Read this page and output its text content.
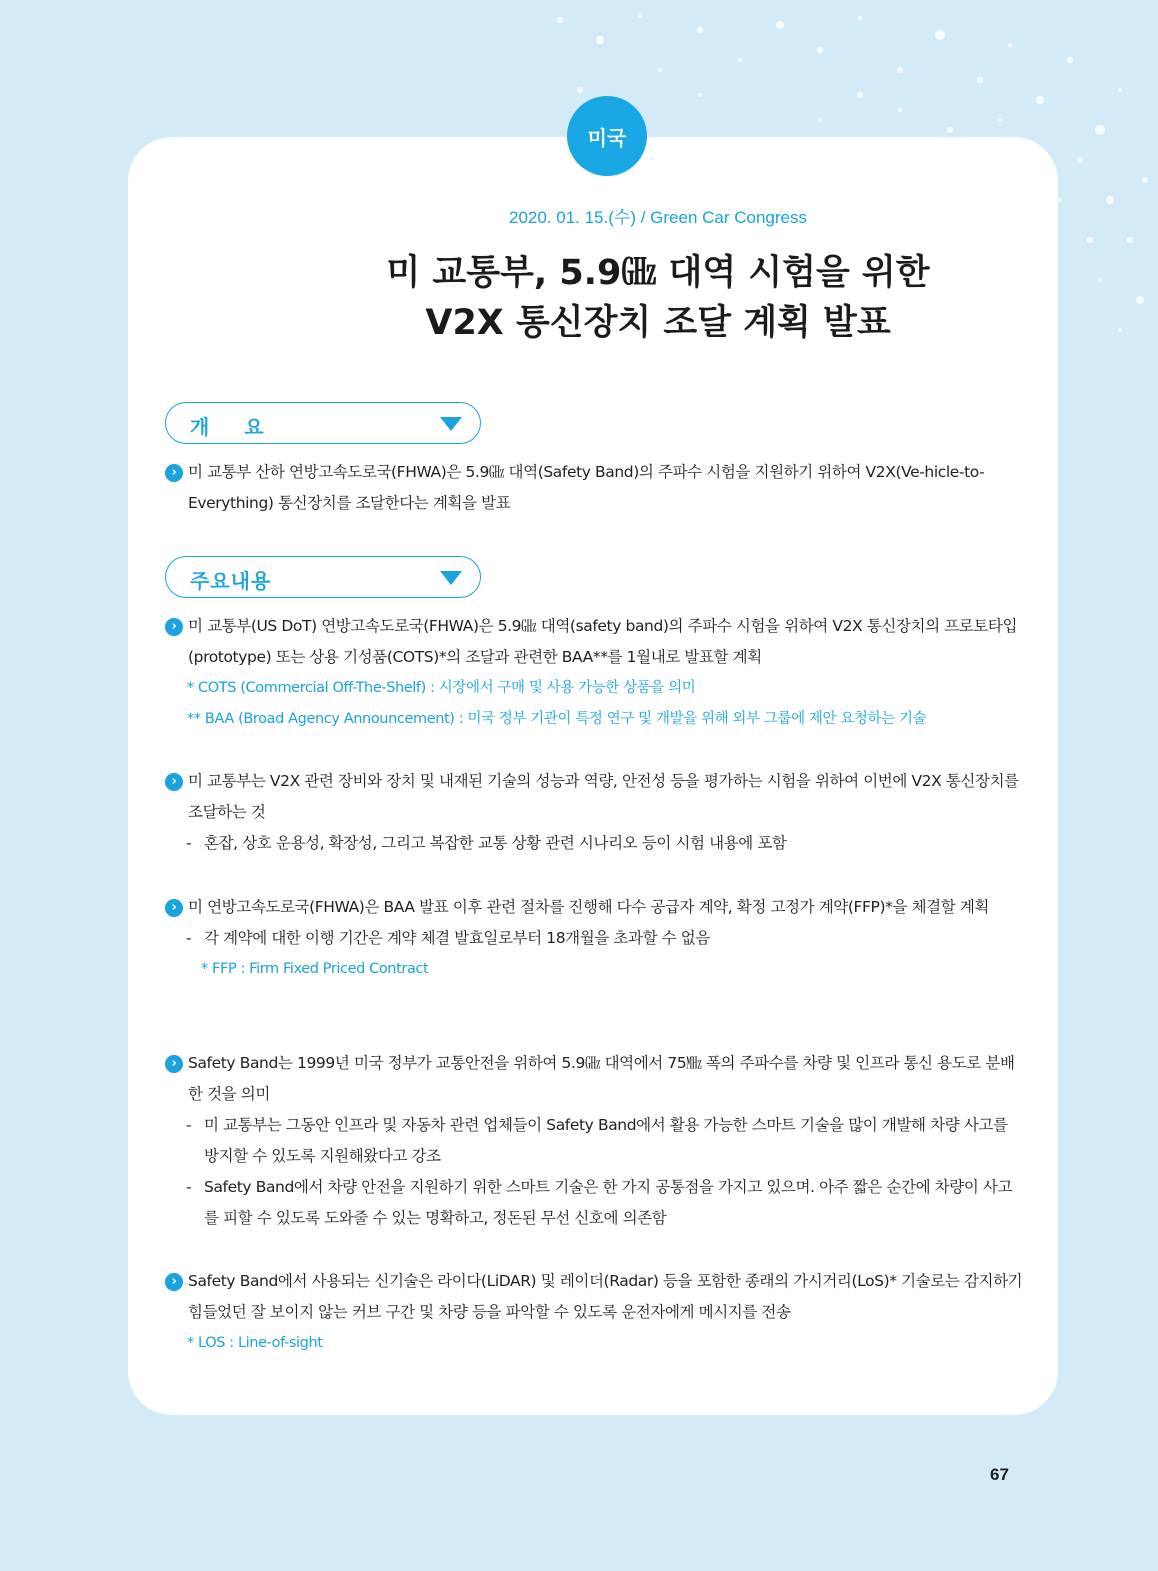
미국
2020. 01. 15.(수) / Green Car Congress
미 교통부, 5.9㎓ 대역 시험을 위한
V2X 통신장치 조달 계획 발표
개 요

› 미 교통부 산하 연방고속도로국(FHWA)은 5.9㎓ 대역(Safety Band)의 주파수 시험을 지원하기 위하여 V2X(Ve-hicle-to-Everything) 통신장치를 조달한다는 계획을 발표

주요내용

› 미 교통부(US DoT) 연방고속도로국(FHWA)은 5.9㎓ 대역(safety band)의 주파수 시험을 위하여 V2X 통신장치의 프로토타입(prototype) 또는 상용 기성품(COTS)*의 조달과 관련한 BAA**를 1월내로 발표할 계획

* COTS (Commercial Off-The-Shelf) : 시장에서 구매 및 사용 가능한 상품을 의미

** BAA (Broad Agency Announcement) : 미국 정부 기관이 특정 연구 및 개발을 위해 외부 그룹에 제안 요청하는 기술

› 미 교통부는 V2X 관련 장비와 장치 및 내재된 기술의 성능과 역량, 안전성 등을 평가하는 시험을 위하여 이번에 V2X 통신장치를 조달하는 것

- 혼잡, 상호 운용성, 확장성, 그리고 복잡한 교통 상황 관련 시나리오 등이 시험 내용에 포함

› 미 연방고속도로국(FHWA)은 BAA 발표 이후 관련 절차를 진행해 다수 공급자 계약, 확정 고정가 계약(FFP)*을 체결할 계획

- 각 계약에 대한 이행 기간은 계약 체결 발효일로부터 18개월을 초과할 수 없음

* FFP : Firm Fixed Priced Contract

› Safety Band는 1999년 미국 정부가 교통안전을 위하여 5.9㎓ 대역에서 75㎒ 폭의 주파수를 차량 및 인프라 통신 용도로 분배한 것을 의미

- 미 교통부는 그동안 인프라 및 자동차 관련 업체들이 Safety Band에서 활용 가능한 스마트 기술을 많이 개발해 차량 사고를 방지할 수 있도록 지원해왔다고 강조

- Safety Band에서 차량 안전을 지원하기 위한 스마트 기술은 한 가지 공통점을 가지고 있으며. 아주 짧은 순간에 차량이 사고를 피할 수 있도록 도와줄 수 있는 명확하고, 정돈된 무선 신호에 의존함

› Safety Band에서 사용되는 신기술은 라이다(LiDAR) 및 레이더(Radar) 등을 포함한 종래의 가시거리(LoS)* 기술로는 감지하기 힘들었던 잘 보이지 않는 커브 구간 및 차량 등을 파악할 수 있도록 운전자에게 메시지를 전송

* LOS : Line-of-sight

67
